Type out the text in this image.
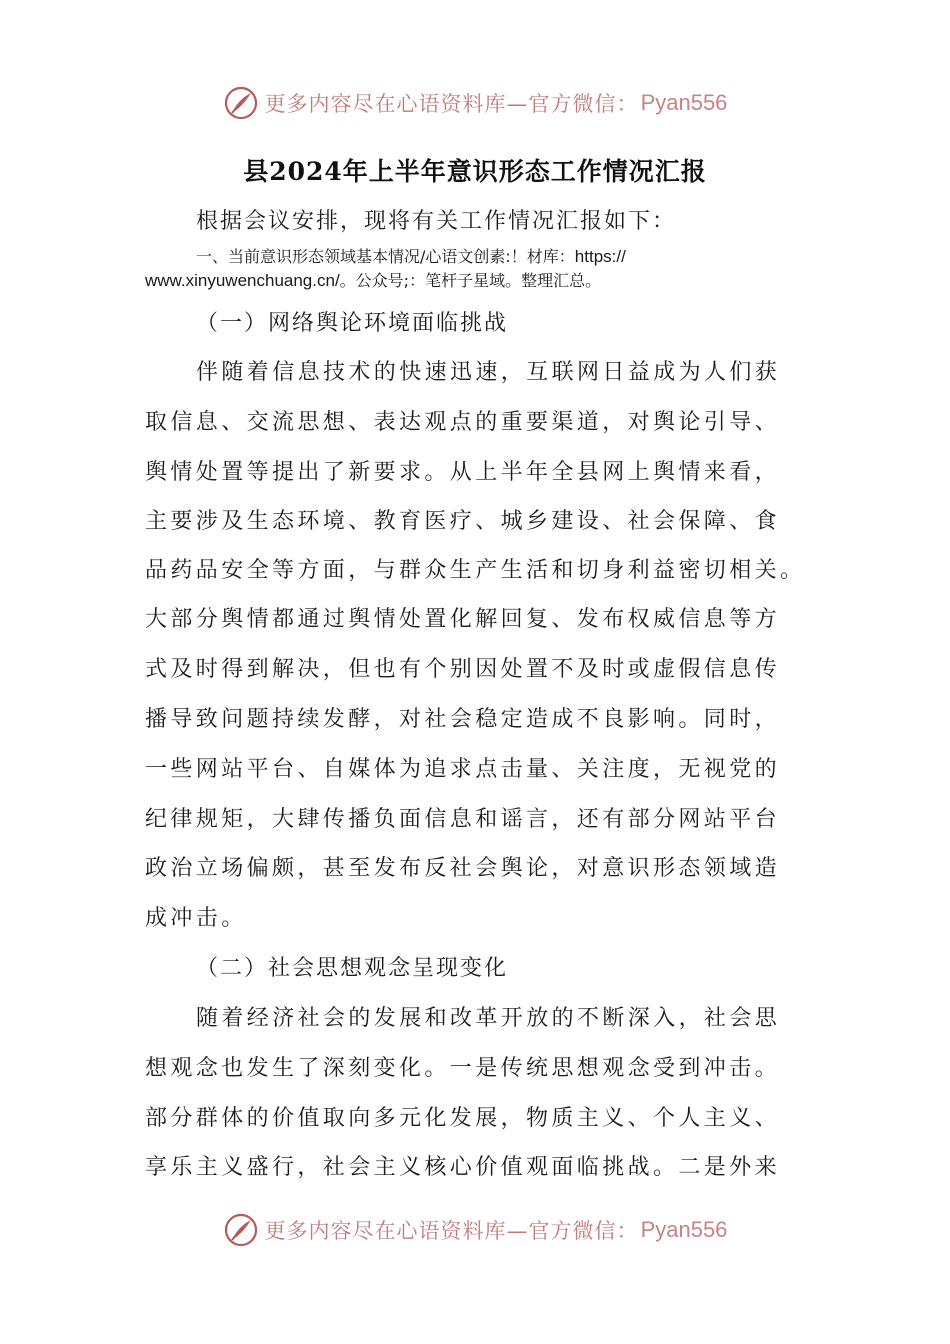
更多内容尽在心语资料库—官方微信： Pyan556
县2024年上半年意识形态工作情况汇报
根据会议安排，现将有关工作情况汇报如下：
一、当前意识形态领域基本情况/心语文创素:！材库：https://
www.xinyuwenchuang.cn/。公众号;：笔杆子星域。整理汇总。
（一）网络舆论环境面临挑战
伴随着信息技术的快速迅速，互联网日益成为人们获
取信息、交流思想、表达观点的重要渠道，对舆论引导、
舆情处置等提出了新要求。从上半年全县网上舆情来看，
主要涉及生态环境、教育医疗、城乡建设、社会保障、食
品药品安全等方面，与群众生产生活和切身利益密切相关。
大部分舆情都通过舆情处置化解回复、发布权威信息等方
式及时得到解决，但也有个别因处置不及时或虚假信息传
播导致问题持续发酵，对社会稳定造成不良影响。同时，
一些网站平台、自媒体为追求点击量、关注度，无视党的
纪律规矩，大肆传播负面信息和谣言，还有部分网站平台
政治立场偏颇，甚至发布反社会舆论，对意识形态领域造
成冲击。
（二）社会思想观念呈现变化
随着经济社会的发展和改革开放的不断深入，社会思
想观念也发生了深刻变化。一是传统思想观念受到冲击。
部分群体的价值取向多元化发展，物质主义、个人主义、
享乐主义盛行，社会主义核心价值观面临挑战。二是外来
更多内容尽在心语资料库—官方微信： Pyan556
